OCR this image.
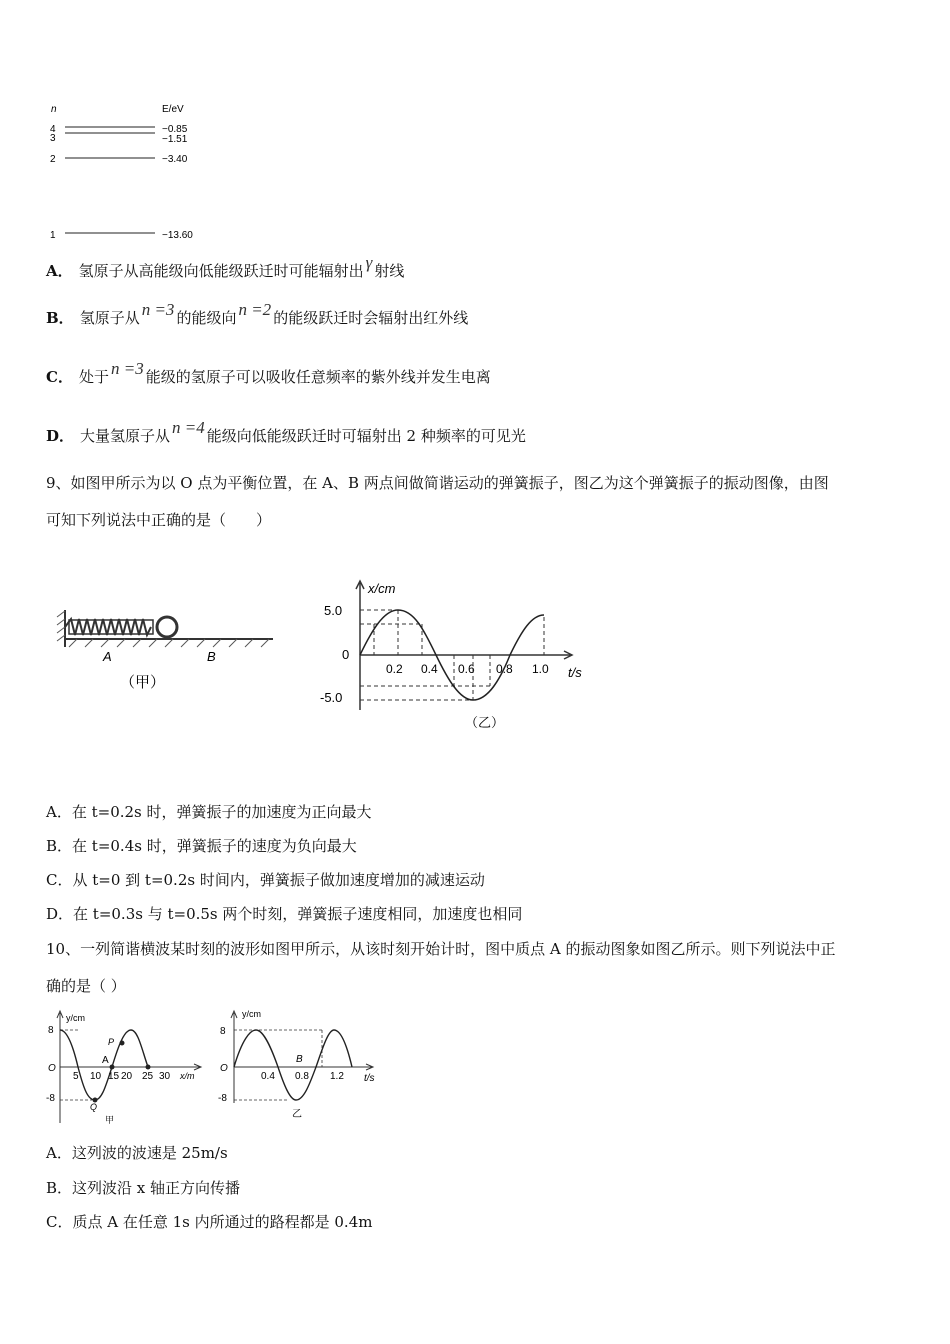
n	E/eV
4
3
2
1
−0.85
−1.51
−3.40
−13.60
A． 氢原子从高能级向低能级跃迁时可能辐射出 γ 射线
B． 氢原子从 n =3 的能级向 n =2 的能级跃迁时会辐射出红外线
C． 处于 n =3 能级的氢原子可以吸收任意频率的紫外线并发生电离
D． 大量氢原子从 n =4 能级向低能级跃迁时可辐射出 2 种频率的可见光
9、如图甲所示为以 O 点为平衡位置，在 A、B 两点间做简谐运动的弹簧振子，图乙为这个弹簧振子的振动图像，由图
可知下列说法中正确的是（　　）
A	B
（甲）
x/cm
t/s
5.0
0
-5.0
0.2 0.4 0.6 0.8 1.0
（乙）
A．在 t=0.2s 时，弹簧振子的加速度为正向最大
B．在 t=0.4s 时，弹簧振子的速度为负向最大
C．从 t=0 到 t=0.2s 时间内，弹簧振子做加速度增加的减速运动
D．在 t=0.3s 与 t=0.5s 两个时刻，弹簧振子速度相同，加速度也相同
10、一列简谐横波某时刻的波形如图甲所示，从该时刻开始计时，图中质点 A 的振动图象如图乙所示。则下列说法中正
确的是（ ）
y/cm
8
O
-8
x/m
5 10 15 20 25 30
A
P
Q
甲
y/cm
8
O
-8
t/s
0.4 0.8 1.2
B
乙
A．这列波的波速是 25m/s
B．这列波沿 x 轴正方向传播
C．质点 A 在任意 1s 内所通过的路程都是 0.4m
